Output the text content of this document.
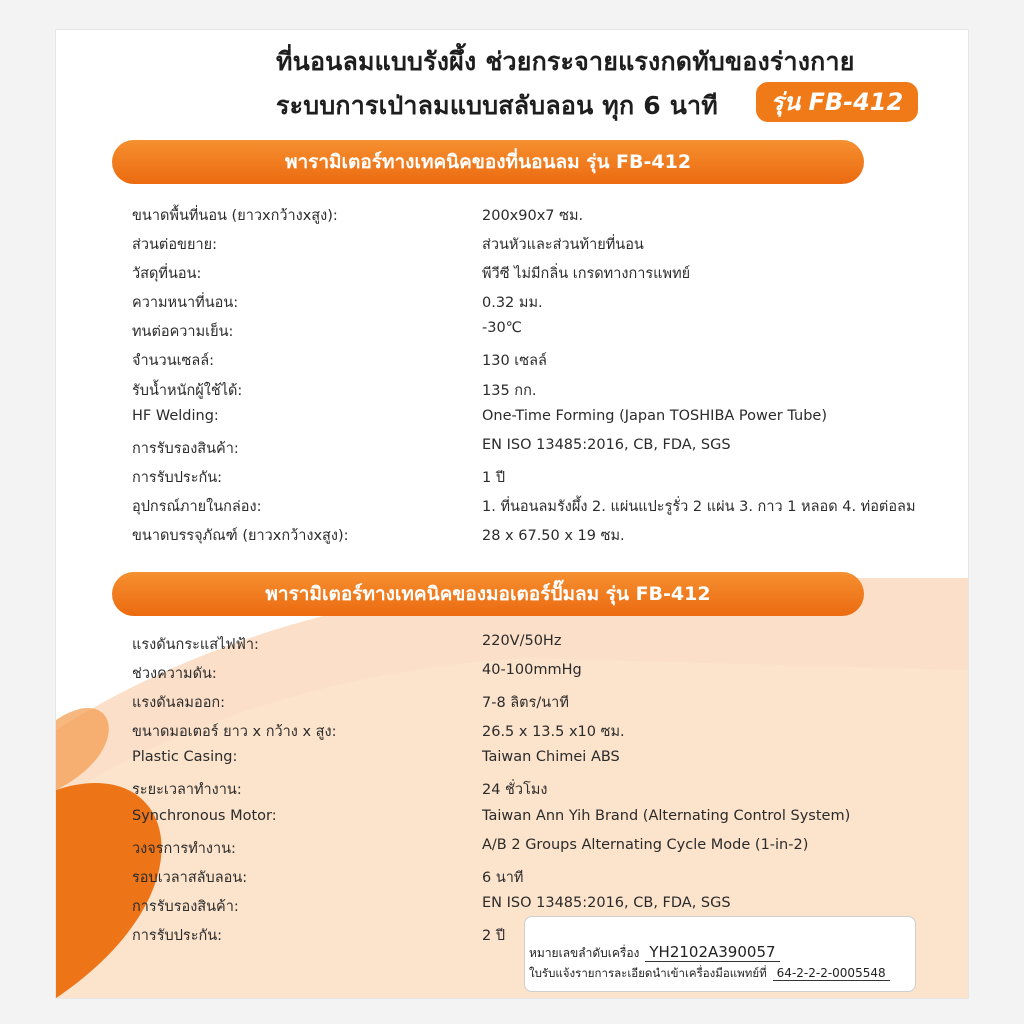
ที่นอนลมแบบรังผึ้ง ช่วยกระจายแรงกดทับของร่างกาย
ระบบการเป่าลมแบบสลับลอน ทุก 6 นาที	รุ่น FB-412
พารามิเตอร์ทางเทคนิคของที่นอนลม รุ่น FB-412
ขนาดพื้นที่นอน (ยาวxกว้างxสูง):	200x90x7 ซม.
ส่วนต่อขยาย:	ส่วนหัวและส่วนท้ายที่นอน
วัสดุที่นอน:	พีวีซี ไม่มีกลิ่น เกรดทางการแพทย์
ความหนาที่นอน:	0.32 มม.
ทนต่อความเย็น:	-30℃
จำนวนเซลล์:	130 เซลล์
รับน้ำหนักผู้ใช้ได้:	135 กก.
HF Welding:	One-Time Forming (Japan TOSHIBA Power Tube)
การรับรองสินค้า:	EN ISO 13485:2016, CB, FDA, SGS
การรับประกัน:	1 ปี
อุปกรณ์ภายในกล่อง:	1. ที่นอนลมรังผึ้ง 2. แผ่นแปะรูรั่ว 2 แผ่น 3. กาว 1 หลอด 4. ท่อต่อลม
ขนาดบรรจุภัณฑ์ (ยาวxกว้างxสูง):	28 x 67.50 x 19 ซม.
พารามิเตอร์ทางเทคนิคของมอเตอร์ปั๊มลม รุ่น FB-412
แรงดันกระแสไฟฟ้า:	220V/50Hz
ช่วงความดัน:	40-100mmHg
แรงดันลมออก:	7-8 ลิตร/นาที
ขนาดมอเตอร์ ยาว x กว้าง x สูง:	26.5 x 13.5 x10 ซม.
Plastic Casing:	Taiwan Chimei ABS
ระยะเวลาทำงาน:	24 ชั่วโมง
Synchronous Motor:	Taiwan Ann Yih Brand (Alternating Control System)
วงจรการทำงาน:	A/B 2 Groups Alternating Cycle Mode (1-in-2)
รอบเวลาสลับลอน:	6 นาที
การรับรองสินค้า:	EN ISO 13485:2016, CB, FDA, SGS
การรับประกัน:	2 ปี
หมายเลขลำดับเครื่อง YH2102A390057
ใบรับแจ้งรายการละเอียดนำเข้าเครื่องมือแพทย์ที่ 64-2-2-2-0005548
